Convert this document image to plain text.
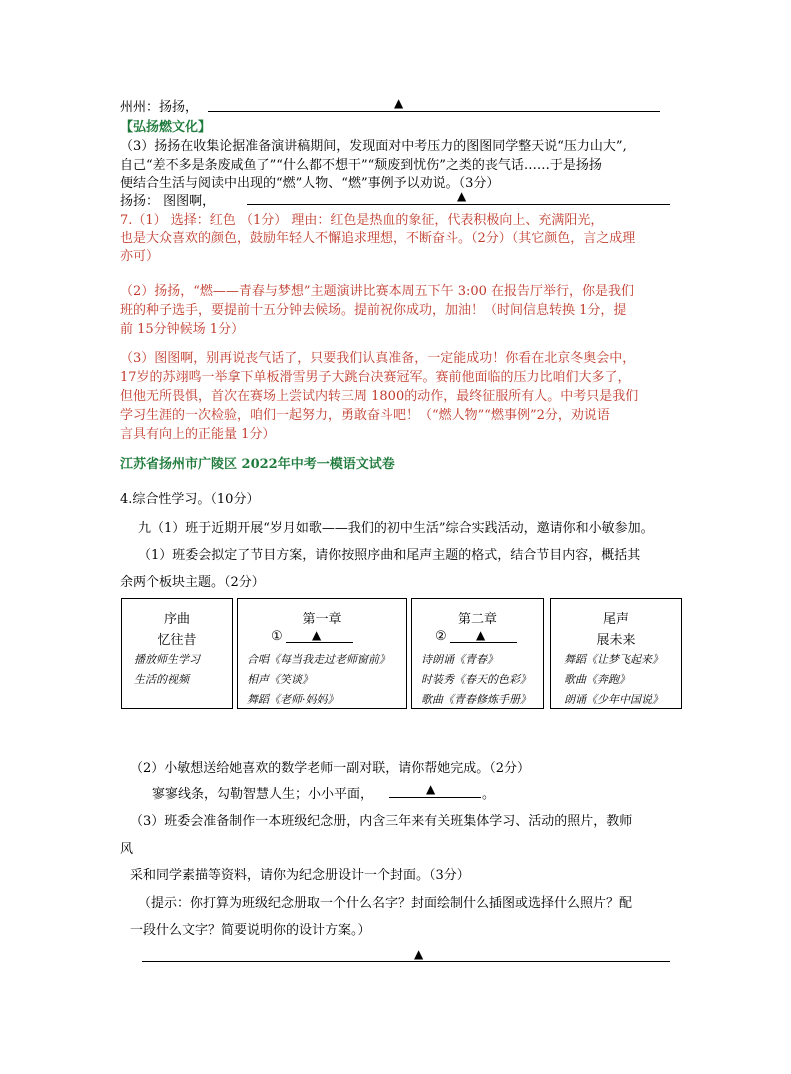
州州：扬扬，	▲
【弘扬燃文化】
（3）扬扬在收集论据准备演讲稿期间，发现面对中考压力的图图同学整天说“压力山大”,
自己“差不多是条废咸鱼了”“什么都不想干”“颓废到忧伤”之类的丧气话……于是扬扬
便结合生活与阅读中出现的“燃”人物、“燃”事例予以劝说。（3分）
扬扬： 图图啊，	▲
7.（1） 选择：红色 （1分） 理由：红色是热血的象征，代表积极向上、充满阳光，
也是大众喜欢的颜色，鼓励年轻人不懈追求理想，不断奋斗。（2分）（其它颜色，言之成理
亦可）
（2）扬扬，“燃——青春与梦想”主题演讲比赛本周五下午 3:00 在报告厅举行，你是我们
班的种子选手，要提前十五分钟去候场。提前祝你成功，加油！（时间信息转换 1分，提
前 15分钟候场 1分）
（3）图图啊，别再说丧气话了，只要我们认真准备，一定能成功！你看在北京冬奥会中，
17岁的苏翊鸣一举拿下单板滑雪男子大跳台决赛冠军。赛前他面临的压力比咱们大多了，
但他无所畏惧，首次在赛场上尝试内转三周 1800的动作，最终征服所有人。中考只是我们
学习生涯的一次检验，咱们一起努力，勇敢奋斗吧！（“燃人物”“燃事例”2分，劝说语
言具有向上的正能量 1分）
江苏省扬州市广陵区 2022年中考一模语文试卷
4.综合性学习。（10分）
九（1）班于近期开展“岁月如歌——我们的初中生活”综合实践活动，邀请你和小敏参加。
（1）班委会拟定了节目方案，请你按照序曲和尾声主题的格式，结合节目内容，概括其
余两个板块主题。（2分）
序曲
忆往昔
播放师生学习
生活的视频
第一章
① ▲
合唱《每当我走过老师窗前》
相声《笑谈》
舞蹈《老师·妈妈》
第二章
② ▲
诗朗诵《青春》
时装秀《春天的色彩》
歌曲《青春修炼手册》
尾声
展未来
舞蹈《让梦飞起来》
歌曲《奔跑》
朗诵《少年中国说》
（2）小敏想送给她喜欢的数学老师一副对联，请你帮她完成。（2分）
寥寥线条，勾勒智慧人生；小小平面，	▲	。
（3）班委会准备制作一本班级纪念册，内含三年来有关班集体学习、活动的照片，教师
风
采和同学素描等资料，请你为纪念册设计一个封面。（3分）
（提示：你打算为班级纪念册取一个什么名字？封面绘制什么插图或选择什么照片？配
一段什么文字？简要说明你的设计方案。）
▲
